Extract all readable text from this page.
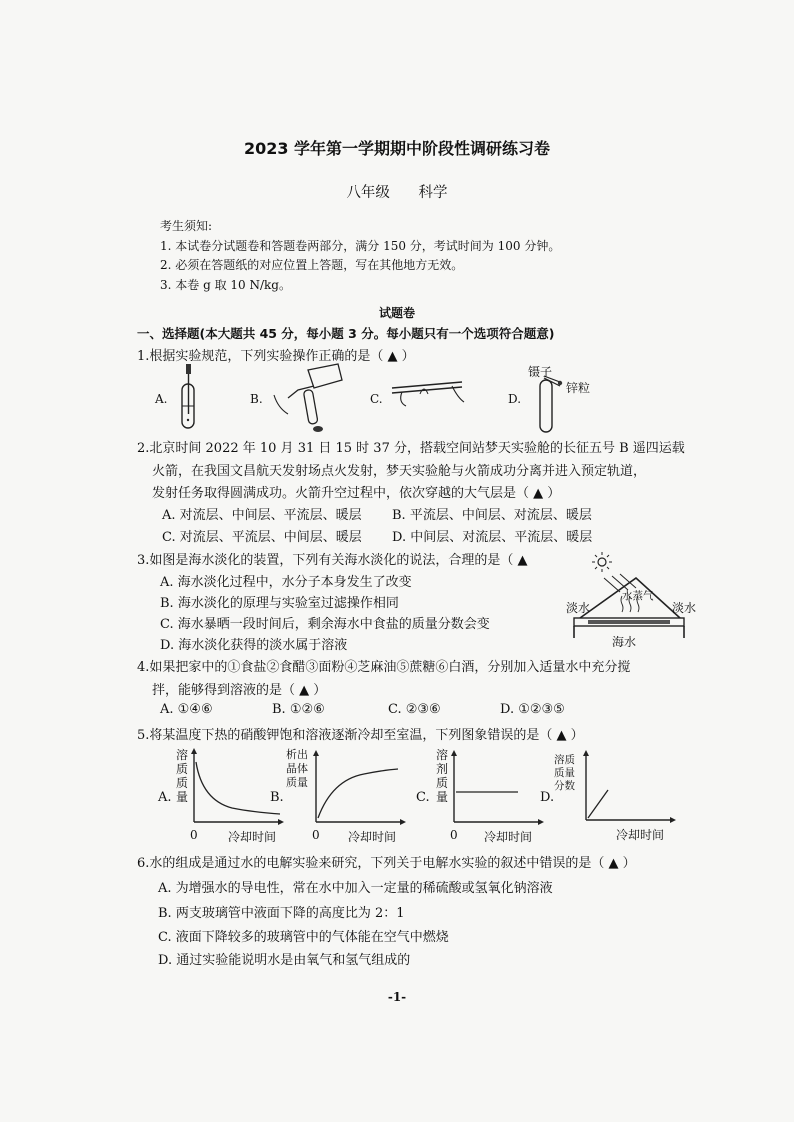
2023 学年第一学期期中阶段性调研练习卷
八年级 科学
考生须知:
1. 本试卷分试题卷和答题卷两部分，满分 150 分，考试时间为 100 分钟。
2. 必须在答题纸的对应位置上答题，写在其他地方无效。
3. 本卷 g 取 10 N/kg。
试题卷
一、选择题(本大题共 45 分，每小题 3 分。每小题只有一个选项符合题意)
1.根据实验规范，下列实验操作正确的是（ ▲ ）
A.	B.	C.	D.
镊子
锌粒
2.北京时间 2022 年 10 月 31 日 15 时 37 分，搭载空间站梦天实验舱的长征五号 B 遥四运载
火箭，在我国文昌航天发射场点火发射，梦天实验舱与火箭成功分离并进入预定轨道，
发射任务取得圆满成功。火箭升空过程中，依次穿越的大气层是（ ▲ ）
A. 对流层、中间层、平流层、暖层 B. 平流层、中间层、对流层、暖层
C. 对流层、平流层、中间层、暖层 D. 中间层、对流层、平流层、暖层
3.如图是海水淡化的装置，下列有关海水淡化的说法，合理的是（ ▲
A. 海水淡化过程中，水分子本身发生了改变
B. 海水淡化的原理与实验室过滤操作相同
C. 海水暴晒一段时间后，剩余海水中食盐的质量分数会变
D. 海水淡化获得的淡水属于溶液
淡水	淡水
水蒸气
海水
4.如果把家中的①食盐②食醋③面粉④芝麻油⑤蔗糖⑥白酒，分别加入适量水中充分搅
拌，能够得到溶液的是（ ▲ ）
A. ①④⑥	B. ①②⑥	C. ②③⑥	D. ①②③⑤
5.将某温度下热的硝酸钾饱和溶液逐渐冷却至室温，下列图象错误的是（ ▲ ）
A.
溶
质
质
量
0	冷却时间
B.
析出
晶体
质量
0 冷却时间
C.
溶
剂
质
量
0 冷却时间
D.
溶质
质量
分数
冷却时间
6.水的组成是通过水的电解实验来研究，下列关于电解水实验的叙述中错误的是（ ▲ ）
A. 为增强水的导电性，常在水中加入一定量的稀硫酸或氢氧化钠溶液
B. 两支玻璃管中液面下降的高度比为 2：1
C. 液面下降较多的玻璃管中的气体能在空气中燃烧
D. 通过实验能说明水是由氧气和氢气组成的
-1-
